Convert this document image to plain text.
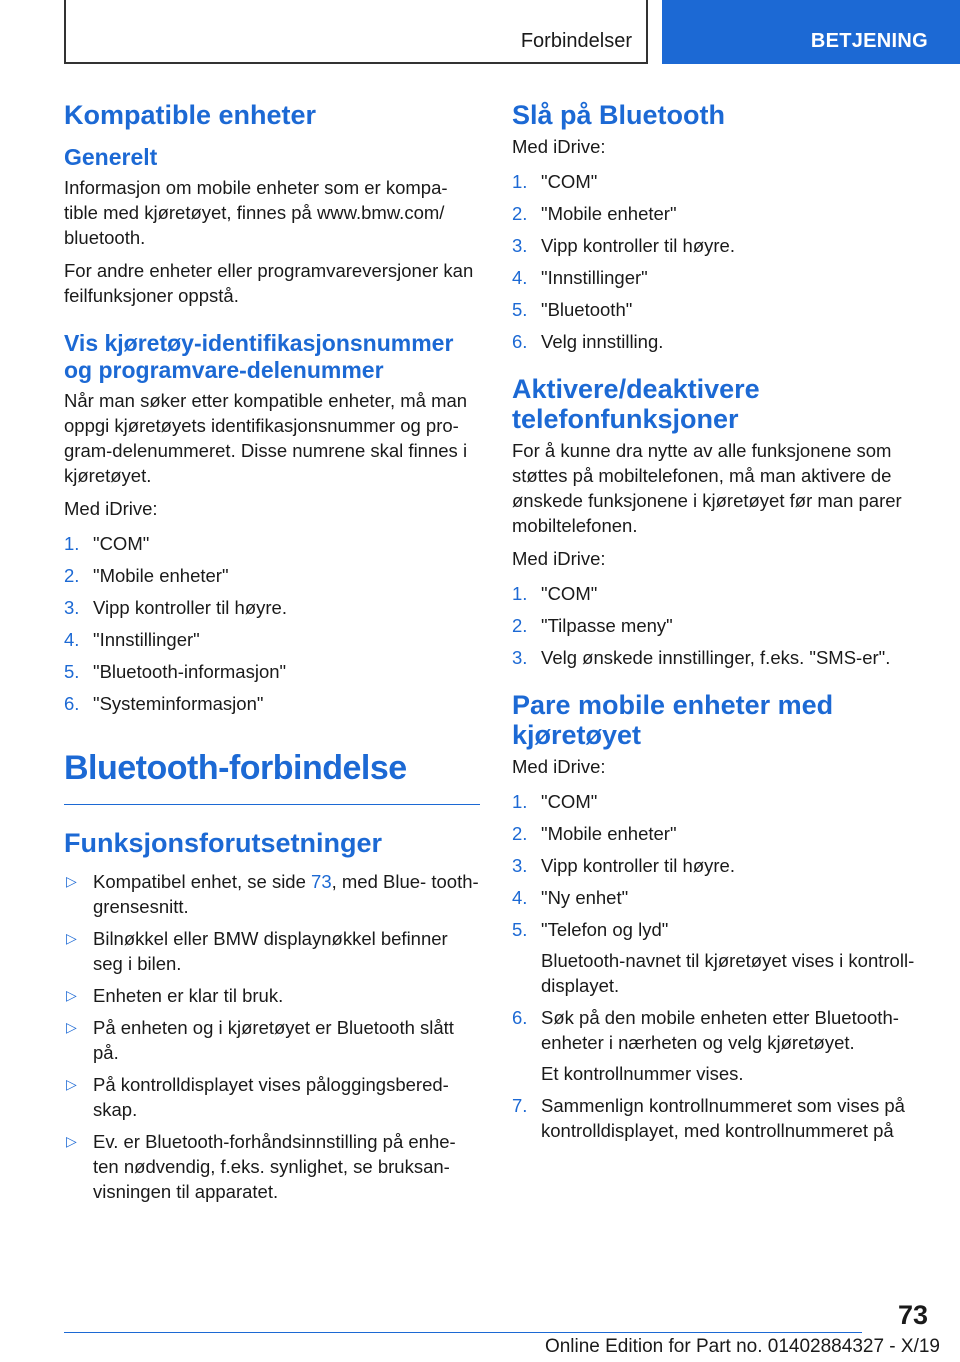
Forbindelser	BETJENING
Kompatible enheter
Generelt

Informasjon om mobile enheter som er kompa‐ tible med kjøretøyet, finnes på www.bmw.com/ bluetooth.

For andre enheter eller programvareversjoner kan feilfunksjoner oppstå.

Vis kjøretøy-identifikasjonsnummer og programvare-delenummer

Når man søker etter kompatible enheter, må man oppgi kjøretøyets identifikasjonsnummer og pro‐ gram-delenummeret. Disse numrene skal finnes i kjøretøyet.

Med iDrive:

1. "COM"
2. "Mobile enheter"
3. Vipp kontroller til høyre.
4. "Innstillinger"
5. "Bluetooth-informasjon"
6. "Systeminformasjon"
Bluetooth-forbindelse
Funksjonsforutsetninger
▷ Kompatibel enhet, se side 73, med Blue‐ tooth-grensesnitt.
▷ Bilnøkkel eller BMW displaynøkkel befinner seg i bilen.
▷ Enheten er klar til bruk.
▷ På enheten og i kjøretøyet er Bluetooth slått på.
▷ På kontrolldisplayet vises påloggingsbered‐ skap.
▷ Ev. er Bluetooth-forhåndsinnstilling på enhe‐ ten nødvendig, f.eks. synlighet, se bruksan‐ visningen til apparatet.
Slå på Bluetooth

Med iDrive:

1. "COM"
2. "Mobile enheter"
3. Vipp kontroller til høyre.
4. "Innstillinger"
5. "Bluetooth"
6. Velg innstilling.
Aktivere/deaktivere telefonfunksjoner

For å kunne dra nytte av alle funksjonene som støttes på mobiltelefonen, må man aktivere de ønskede funksjonene i kjøretøyet før man parer mobiltelefonen.

Med iDrive:

1. "COM"
2. "Tilpasse meny"
3. Velg ønskede innstillinger, f.eks. "SMS-er".
Pare mobile enheter med kjøretøyet

Med iDrive:

1. "COM"
2. "Mobile enheter"
3. Vipp kontroller til høyre.
4. "Ny enhet"
5. "Telefon og lyd"
Bluetooth-navnet til kjøretøyet vises i kontroll‐ displayet.
6. Søk på den mobile enheten etter Bluetooth- enheter i nærheten og velg kjøretøyet.
Et kontrollnummer vises.
7. Sammenlign kontrollnummeret som vises på kontrolldisplayet, med kontrollnummeret på
73
Online Edition for Part no. 01402884327 - X/19
